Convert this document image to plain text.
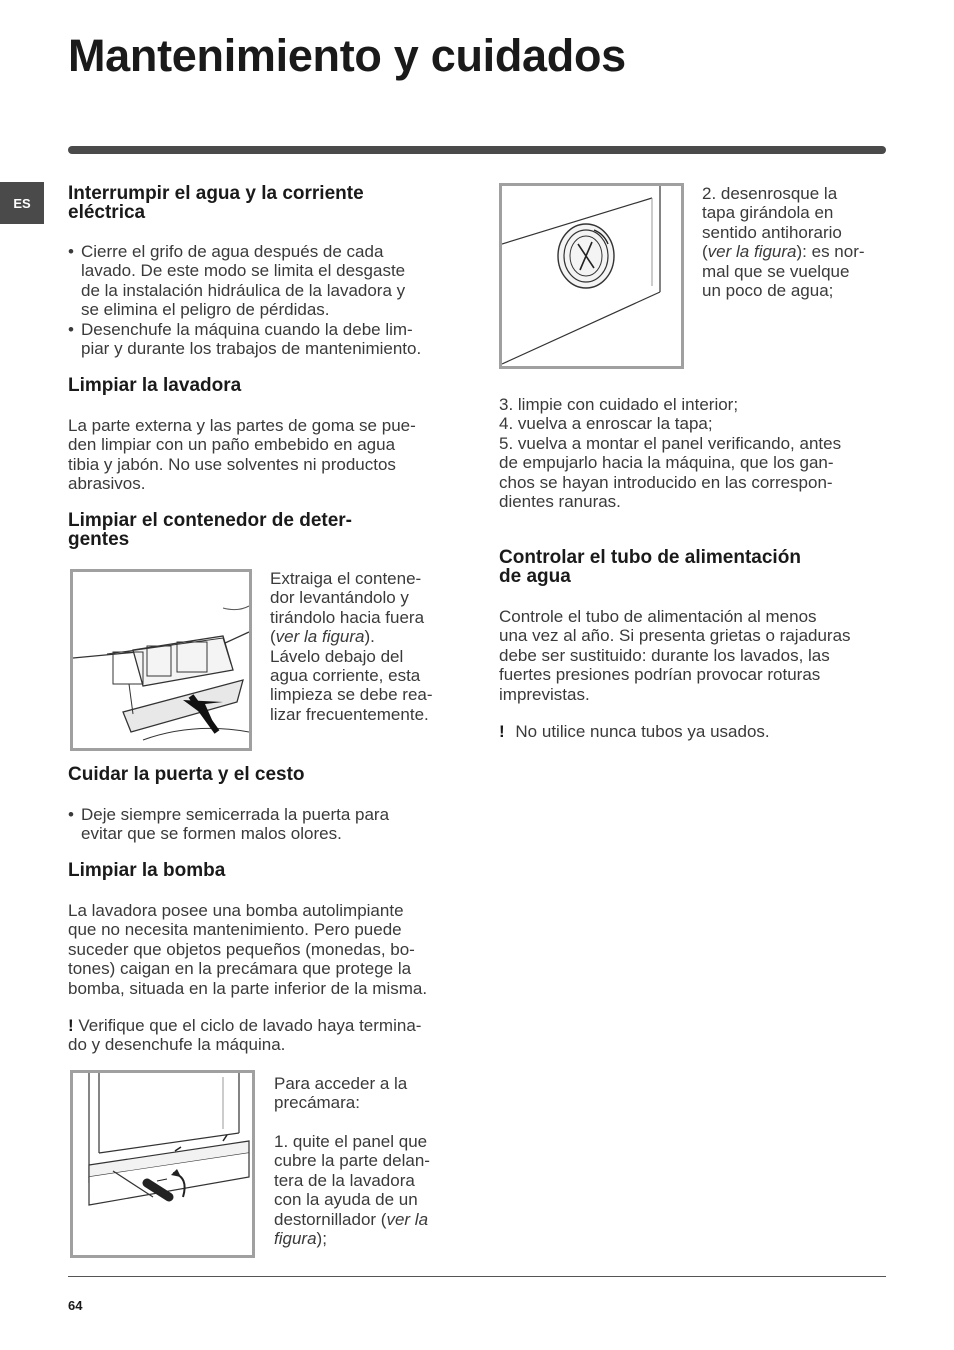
Mantenimiento y cuidados
ES	Interrumpir el agua y la corriente
eléctrica
• Cierre el grifo de agua después de cada
lavado. De este modo se limita el desgaste
de la instalación hidráulica de la lavadora y
se elimina el peligro de pérdidas.
• Desenchufe la máquina cuando la debe lim-
piar y durante los trabajos de mantenimiento.
Limpiar la lavadora
La parte externa y las partes de goma se pue-
den limpiar con un paño embebido en agua
tibia y jabón. No use solventes ni productos
abrasivos.
Limpiar el contenedor de deter-
gentes
Extraiga el contene-
dor levantándolo y
tirándolo hacia fuera
(ver la figura).
Lávelo debajo del
agua corriente, esta
limpieza se debe rea-
lizar frecuentemente.
Cuidar la puerta y el cesto
• Deje siempre semicerrada la puerta para
evitar que se formen malos olores.
Limpiar la bomba
La lavadora posee una bomba autolimpiante
que no necesita mantenimiento. Pero puede
suceder que objetos pequeños (monedas, bo-
tones) caigan en la precámara que protege la
bomba, situada en la parte inferior de la misma.
! Verifique que el ciclo de lavado haya termina-
do y desenchufe la máquina.
Para acceder a la
precámara:
1. quite el panel que
cubre la parte delan-
tera de la lavadora
con la ayuda de un
destornillador (ver la
figura);
2. desenrosque la
tapa girándola en
sentido antihorario
(ver la figura): es nor-
mal que se vuelque
un poco de agua;
3. limpie con cuidado el interior;
4. vuelva a enroscar la tapa;
5. vuelva a montar el panel verificando, antes
de empujarlo hacia la máquina, que los gan-
chos se hayan introducido en las correspon-
dientes ranuras.
Controlar el tubo de alimentación
de agua
Controle el tubo de alimentación al menos
una vez al año. Si presenta grietas o rajaduras
debe ser sustituido: durante los lavados, las
fuertes presiones podrían provocar roturas
imprevistas.
! No utilice nunca tubos ya usados.
64
